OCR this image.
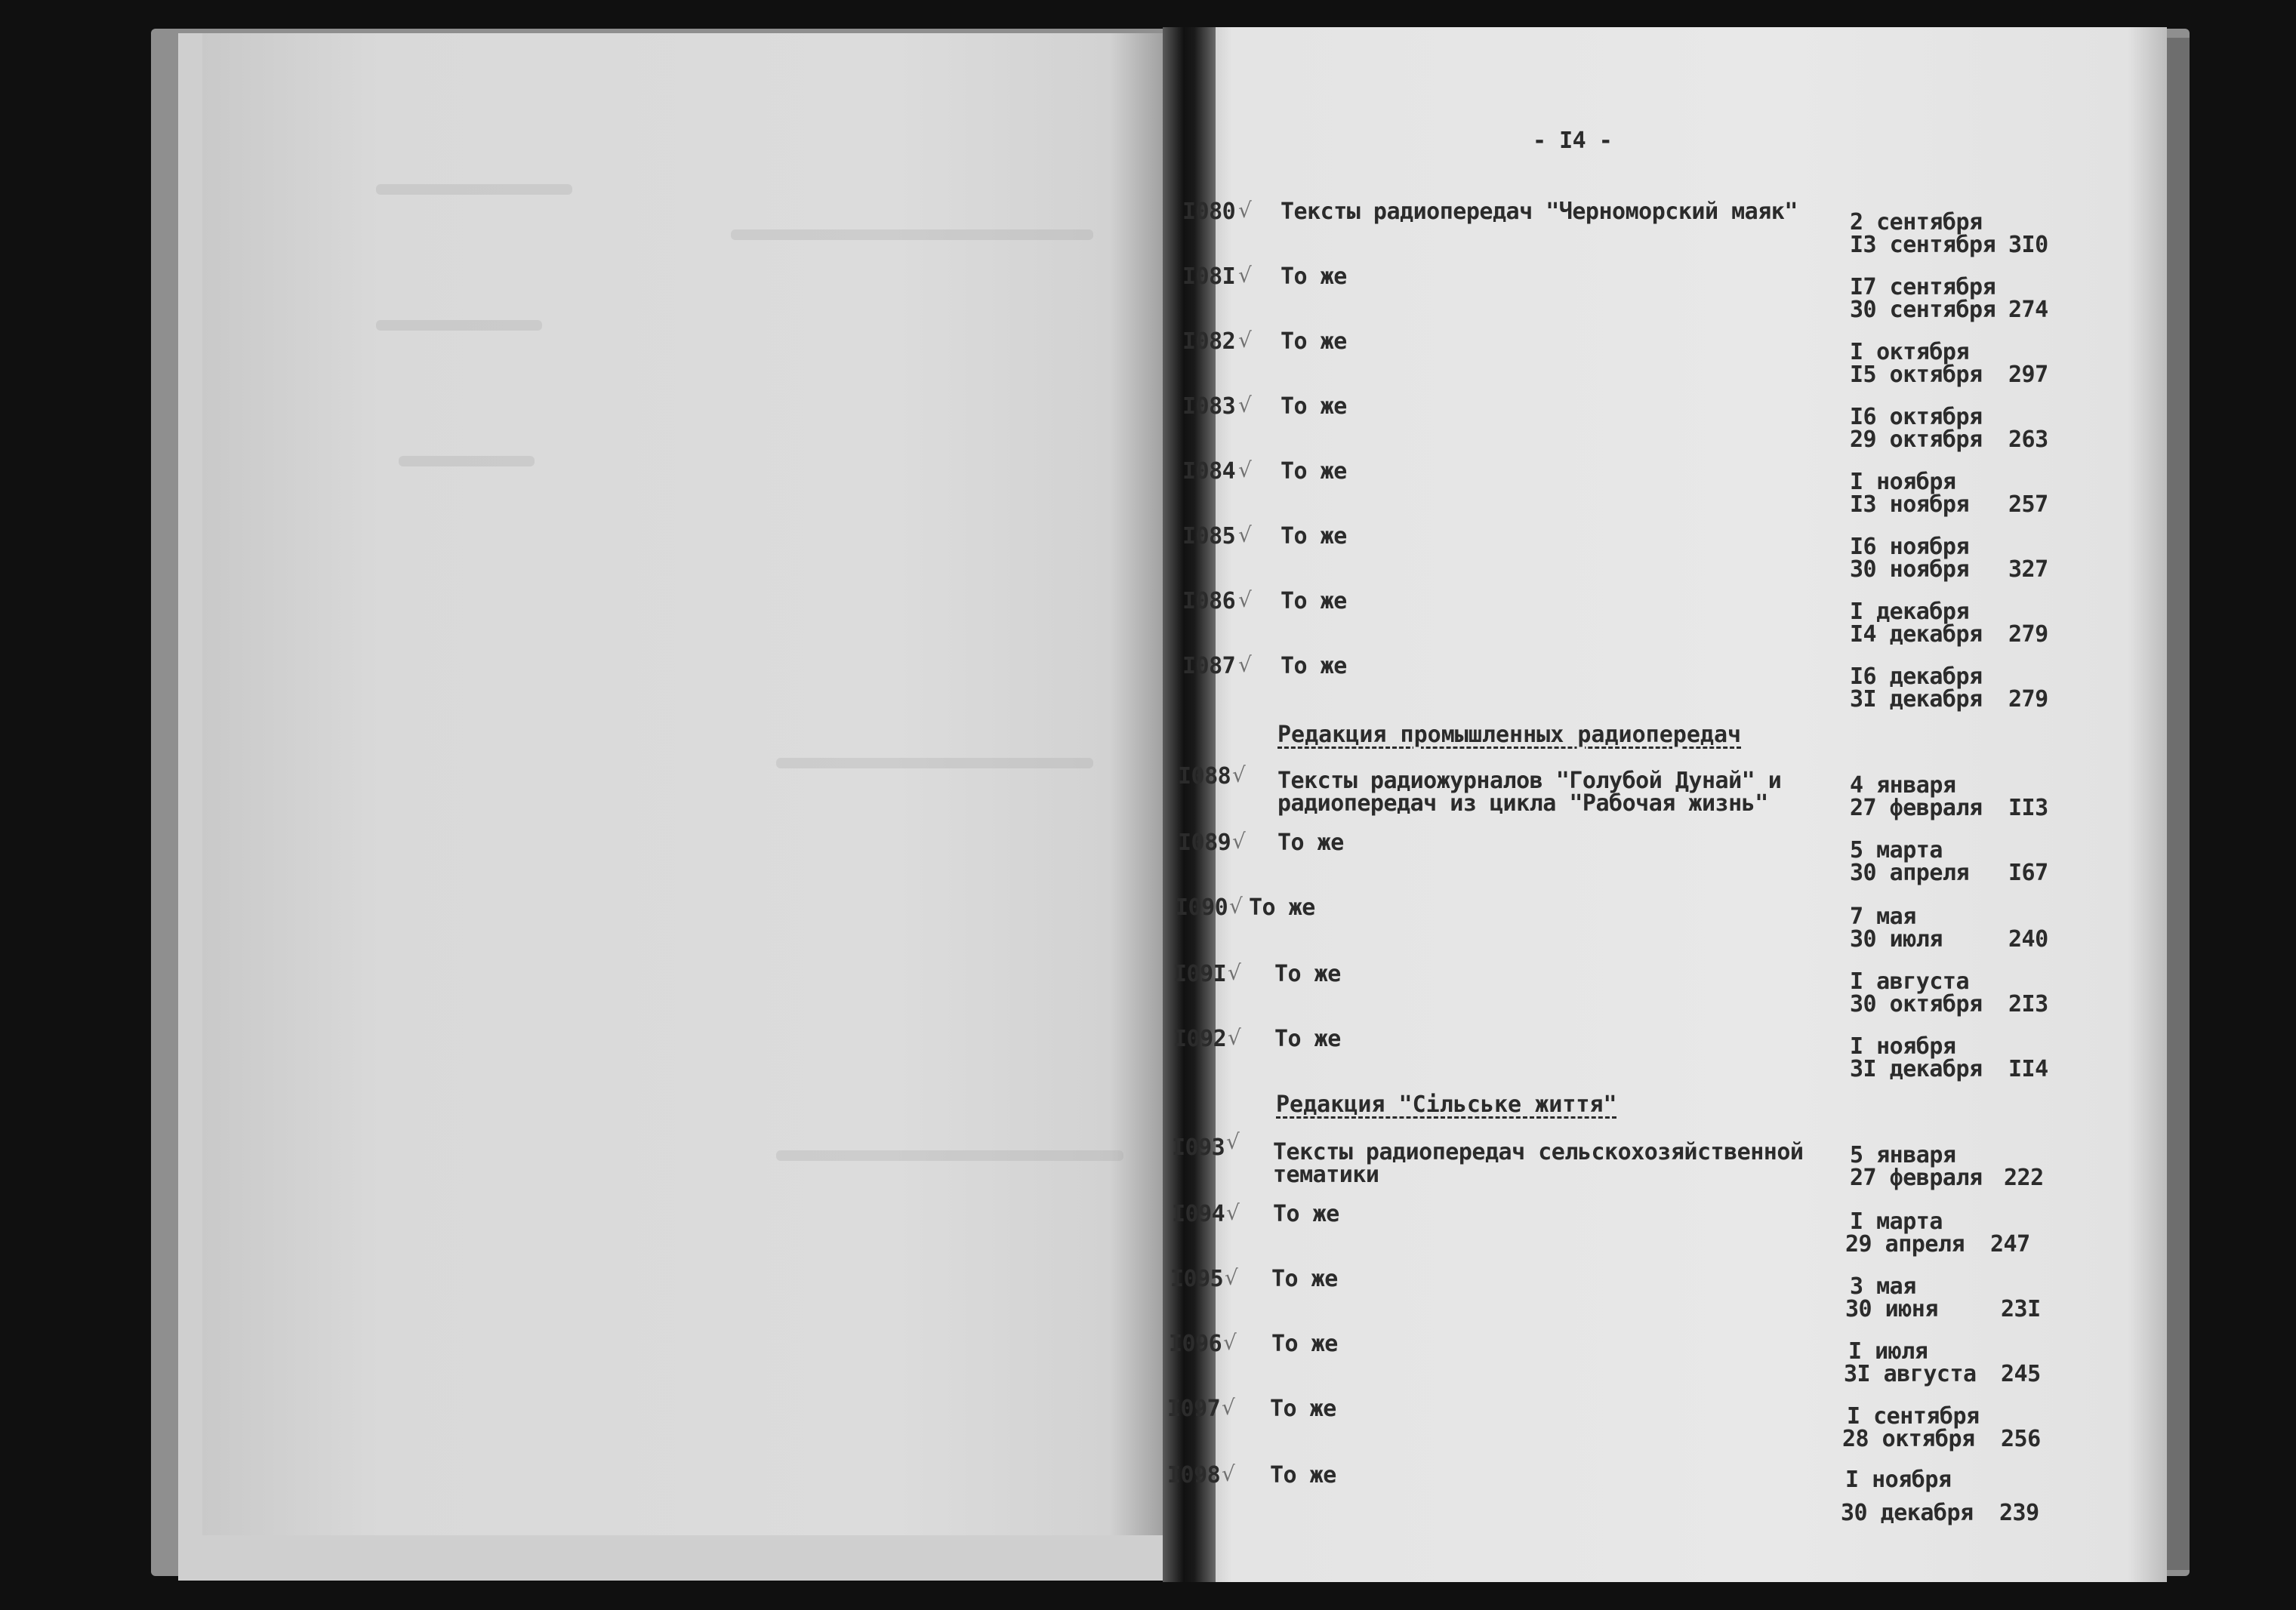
- I4 -
I080 √ Тексты радиопередач "Черноморский маяк" 2 сентября
I3 сентября 3I0
I08I √ То же	I7 сентября
30 сентября 274
I082 √ То же	I октября
I5 октября 297
I083 √ То же	I6 октября
29 октября 263
I084 √ То же	I ноября
I3 ноября 257
I085 √ То же	I6 ноября
30 ноября 327
I086 √ То же	I декабря
I4 декабря 279
I087 √ То же	I6 декабря
3I декабря 279
Редакция промышленных радиопередач
I088 √ Тексты радиожурналов "Голубой Дунай" и
радиопередач из цикла "Рабочая жизнь"
4 января
27 февраля II3
I089 √ То же	5 марта
30 апреля I67
I090 √ То же	7 мая
30 июля	240
I09I √ То же	I августа
30 октября 2I3
I092 √ То же	I ноября
3I декабря II4
Редакция "Сільське життя"
I093 √ Тексты радиопередач сельскохозяйственной
тематики
5 января
27 февраля 222
I094 √ То же	I марта
29 апреля 247
I095 √ То же	3 мая
30 июня	23I
I096 √ То же	I июля
3I августа 245
I097 √ То же	I сентября
28 октября 256
I098 √ То же	I ноября
30 декабря 239
